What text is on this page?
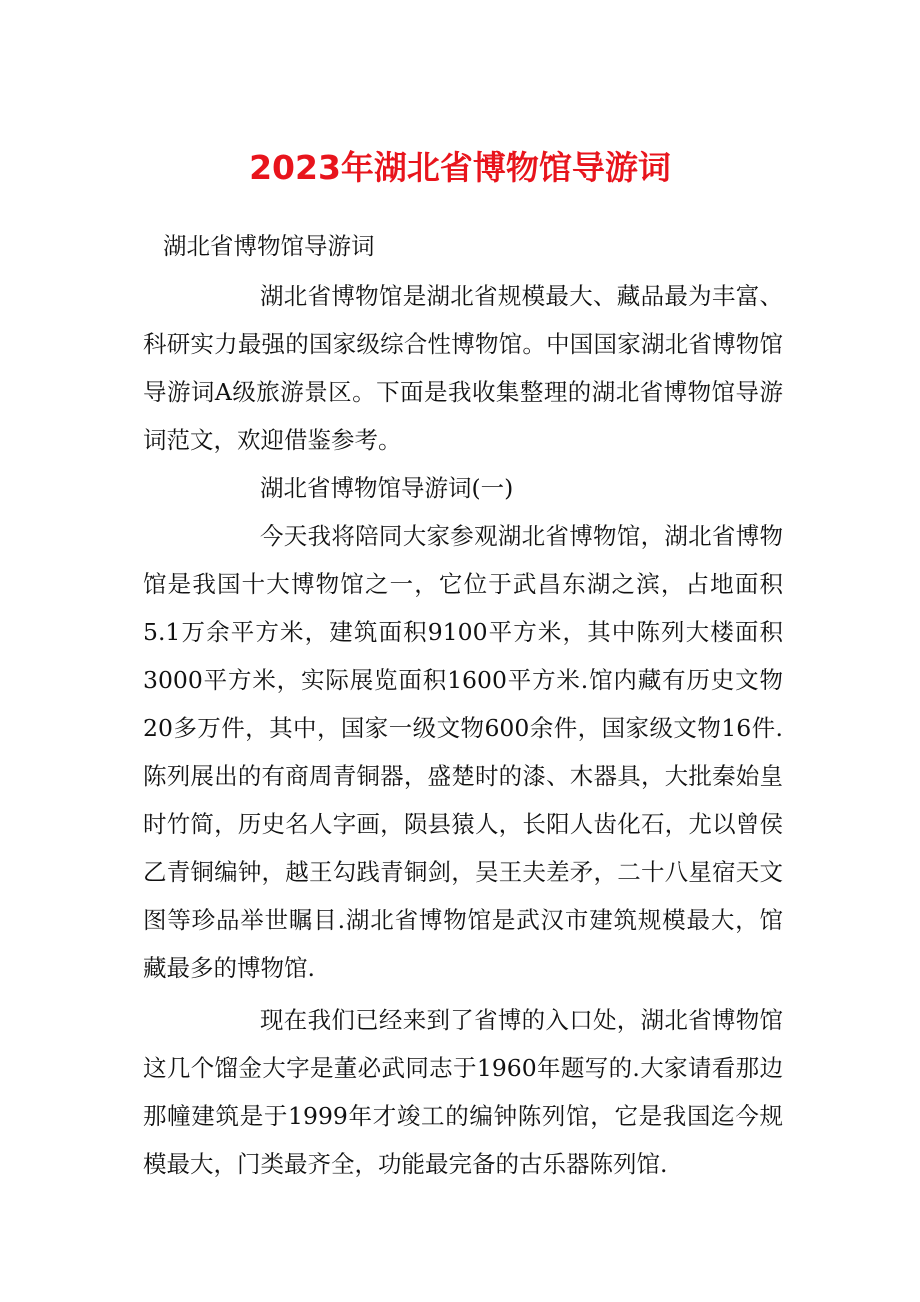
2023年湖北省博物馆导游词

湖北省博物馆导游词

湖北省博物馆是湖北省规模最大、藏品最为丰富、科研实力最强的国家级综合性博物馆。中国国家湖北省博物馆导游词A级旅游景区。下面是我收集整理的湖北省博物馆导游词范文，欢迎借鉴参考。

湖北省博物馆导游词(一)

今天我将陪同大家参观湖北省博物馆，湖北省博物馆是我国十大博物馆之一，它位于武昌东湖之滨，占地面积5.1万余平方米，建筑面积9100平方米，其中陈列大楼面积3000平方米，实际展览面积1600平方米.馆内藏有历史文物20多万件，其中，国家一级文物600余件，国家级文物16件.陈列展出的有商周青铜器，盛楚时的漆、木器具，大批秦始皇时竹简，历史名人字画，陨县猿人，长阳人齿化石，尤以曾侯乙青铜编钟，越王勾践青铜剑，吴王夫差矛，二十八星宿天文图等珍品举世瞩目.湖北省博物馆是武汉市建筑规模最大，馆藏最多的博物馆.

现在我们已经来到了省博的入口处，湖北省博物馆这几个馏金大字是董必武同志于1960年题写的.大家请看那边那幢建筑是于1999年才竣工的编钟陈列馆，它是我国迄今规模最大，门类最齐全，功能最完备的古乐器陈列馆.
